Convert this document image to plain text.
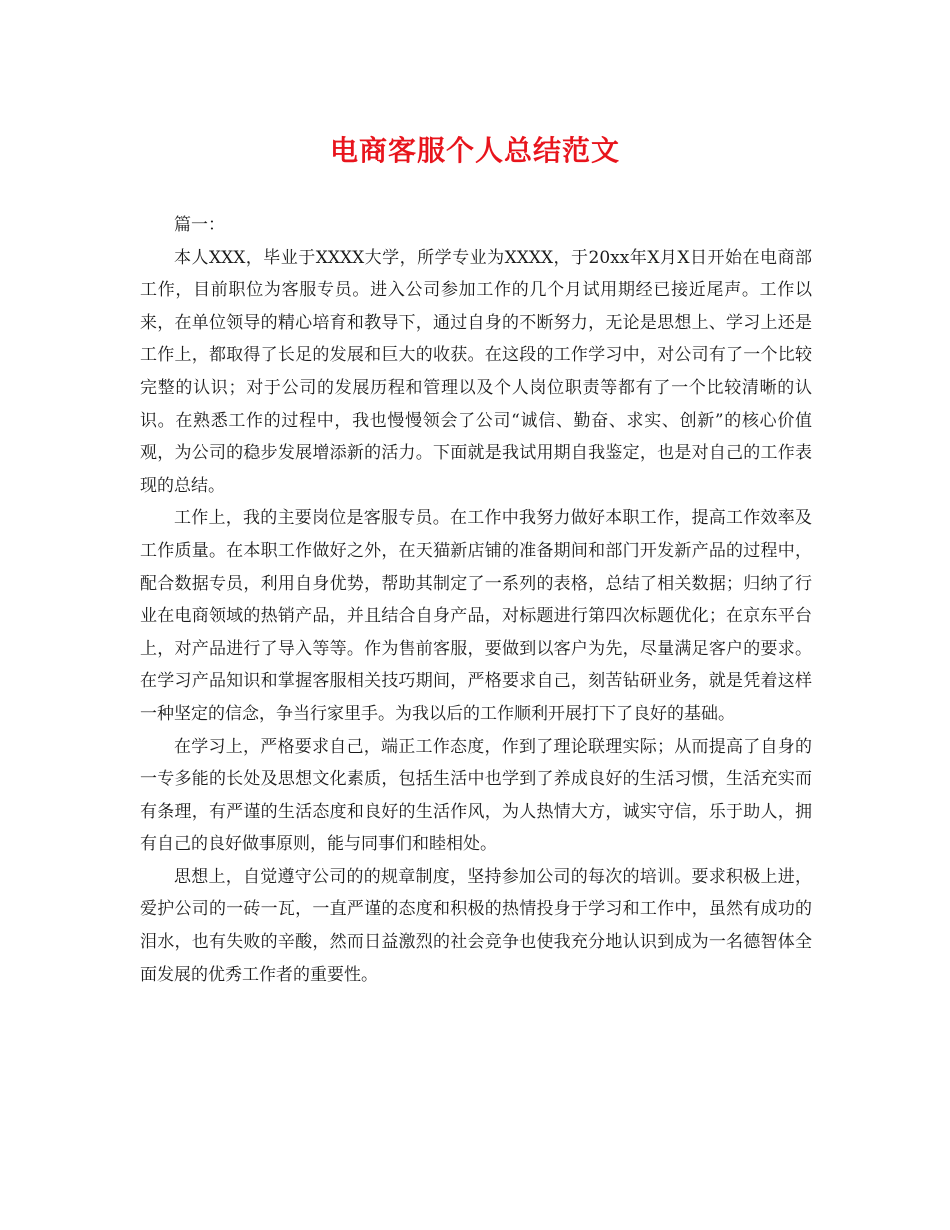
电商客服个人总结范文

篇一：

本人XXX，毕业于XXXX大学，所学专业为XXXX，于20xx年X月X日开始在电商部工作，目前职位为客服专员。进入公司参加工作的几个月试用期经已接近尾声。工作以来，在单位领导的精心培育和教导下，通过自身的不断努力，无论是思想上、学习上还是工作上，都取得了长足的发展和巨大的收获。在这段的工作学习中，对公司有了一个比较完整的认识；对于公司的发展历程和管理以及个人岗位职责等都有了一个比较清晰的认识。在熟悉工作的过程中，我也慢慢领会了公司“诚信、勤奋、求实、创新”的核心价值观，为公司的稳步发展增添新的活力。下面就是我试用期自我鉴定，也是对自己的工作表现的总结。

工作上，我的主要岗位是客服专员。在工作中我努力做好本职工作，提高工作效率及工作质量。在本职工作做好之外，在天猫新店铺的准备期间和部门开发新产品的过程中，配合数据专员，利用自身优势，帮助其制定了一系列的表格，总结了相关数据；归纳了行业在电商领域的热销产品，并且结合自身产品，对标题进行第四次标题优化；在京东平台上，对产品进行了导入等等。作为售前客服，要做到以客户为先，尽量满足客户的要求。在学习产品知识和掌握客服相关技巧期间，严格要求自己，刻苦钻研业务，就是凭着这样一种坚定的信念，争当行家里手。为我以后的工作顺利开展打下了良好的基础。

在学习上，严格要求自己，端正工作态度，作到了理论联理实际；从而提高了自身的一专多能的长处及思想文化素质，包括生活中也学到了养成良好的生活习惯，生活充实而有条理，有严谨的生活态度和良好的生活作风，为人热情大方，诚实守信，乐于助人，拥有自己的良好做事原则，能与同事们和睦相处。

思想上，自觉遵守公司的的规章制度，坚持参加公司的每次的培训。要求积极上进，爱护公司的一砖一瓦，一直严谨的态度和积极的热情投身于学习和工作中，虽然有成功的泪水，也有失败的辛酸，然而日益激烈的社会竞争也使我充分地认识到成为一名德智体全面发展的优秀工作者的重要性。
